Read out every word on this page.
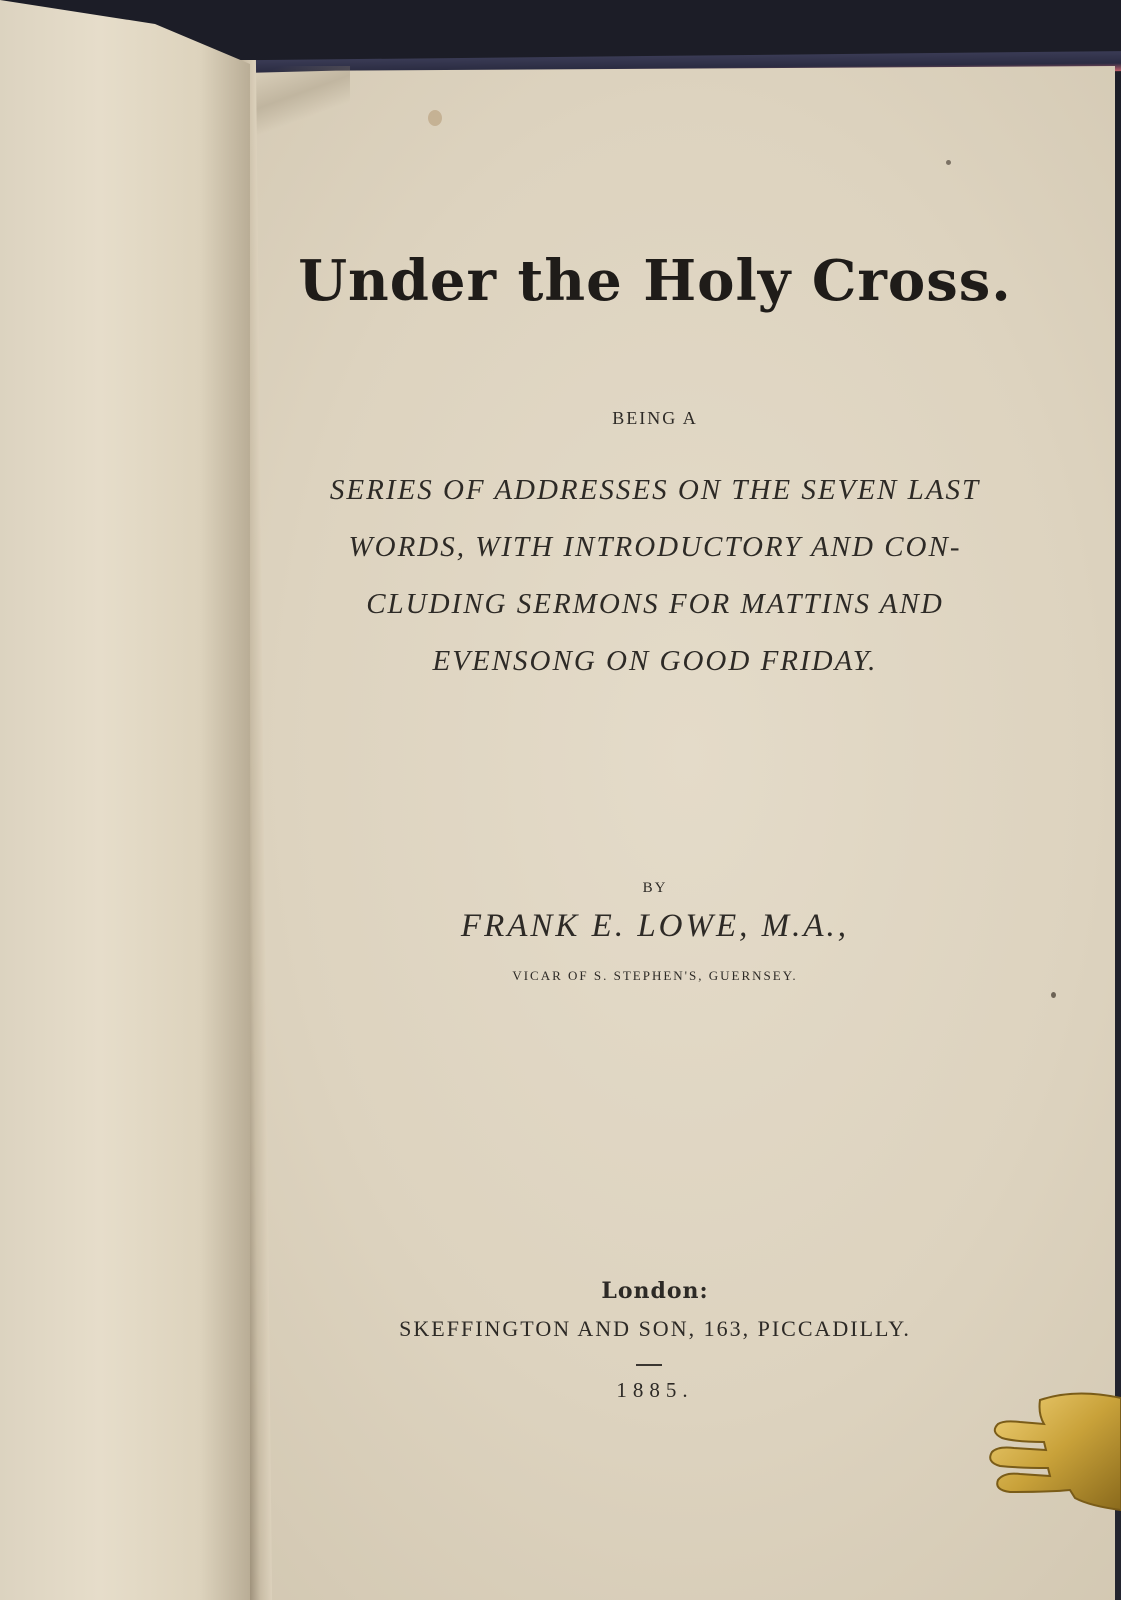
Under the Holy Cross.
BEING A
SERIES OF ADDRESSES ON THE SEVEN LAST
WORDS, WITH INTRODUCTORY AND CON-
CLUDING SERMONS FOR MATTINS AND
EVENSONG ON GOOD FRIDAY.
BY
FRANK E. LOWE, M.A.,
VICAR OF S. STEPHEN'S, GUERNSEY.
London:
SKEFFINGTON AND SON, 163, PICCADILLY.
1885.
